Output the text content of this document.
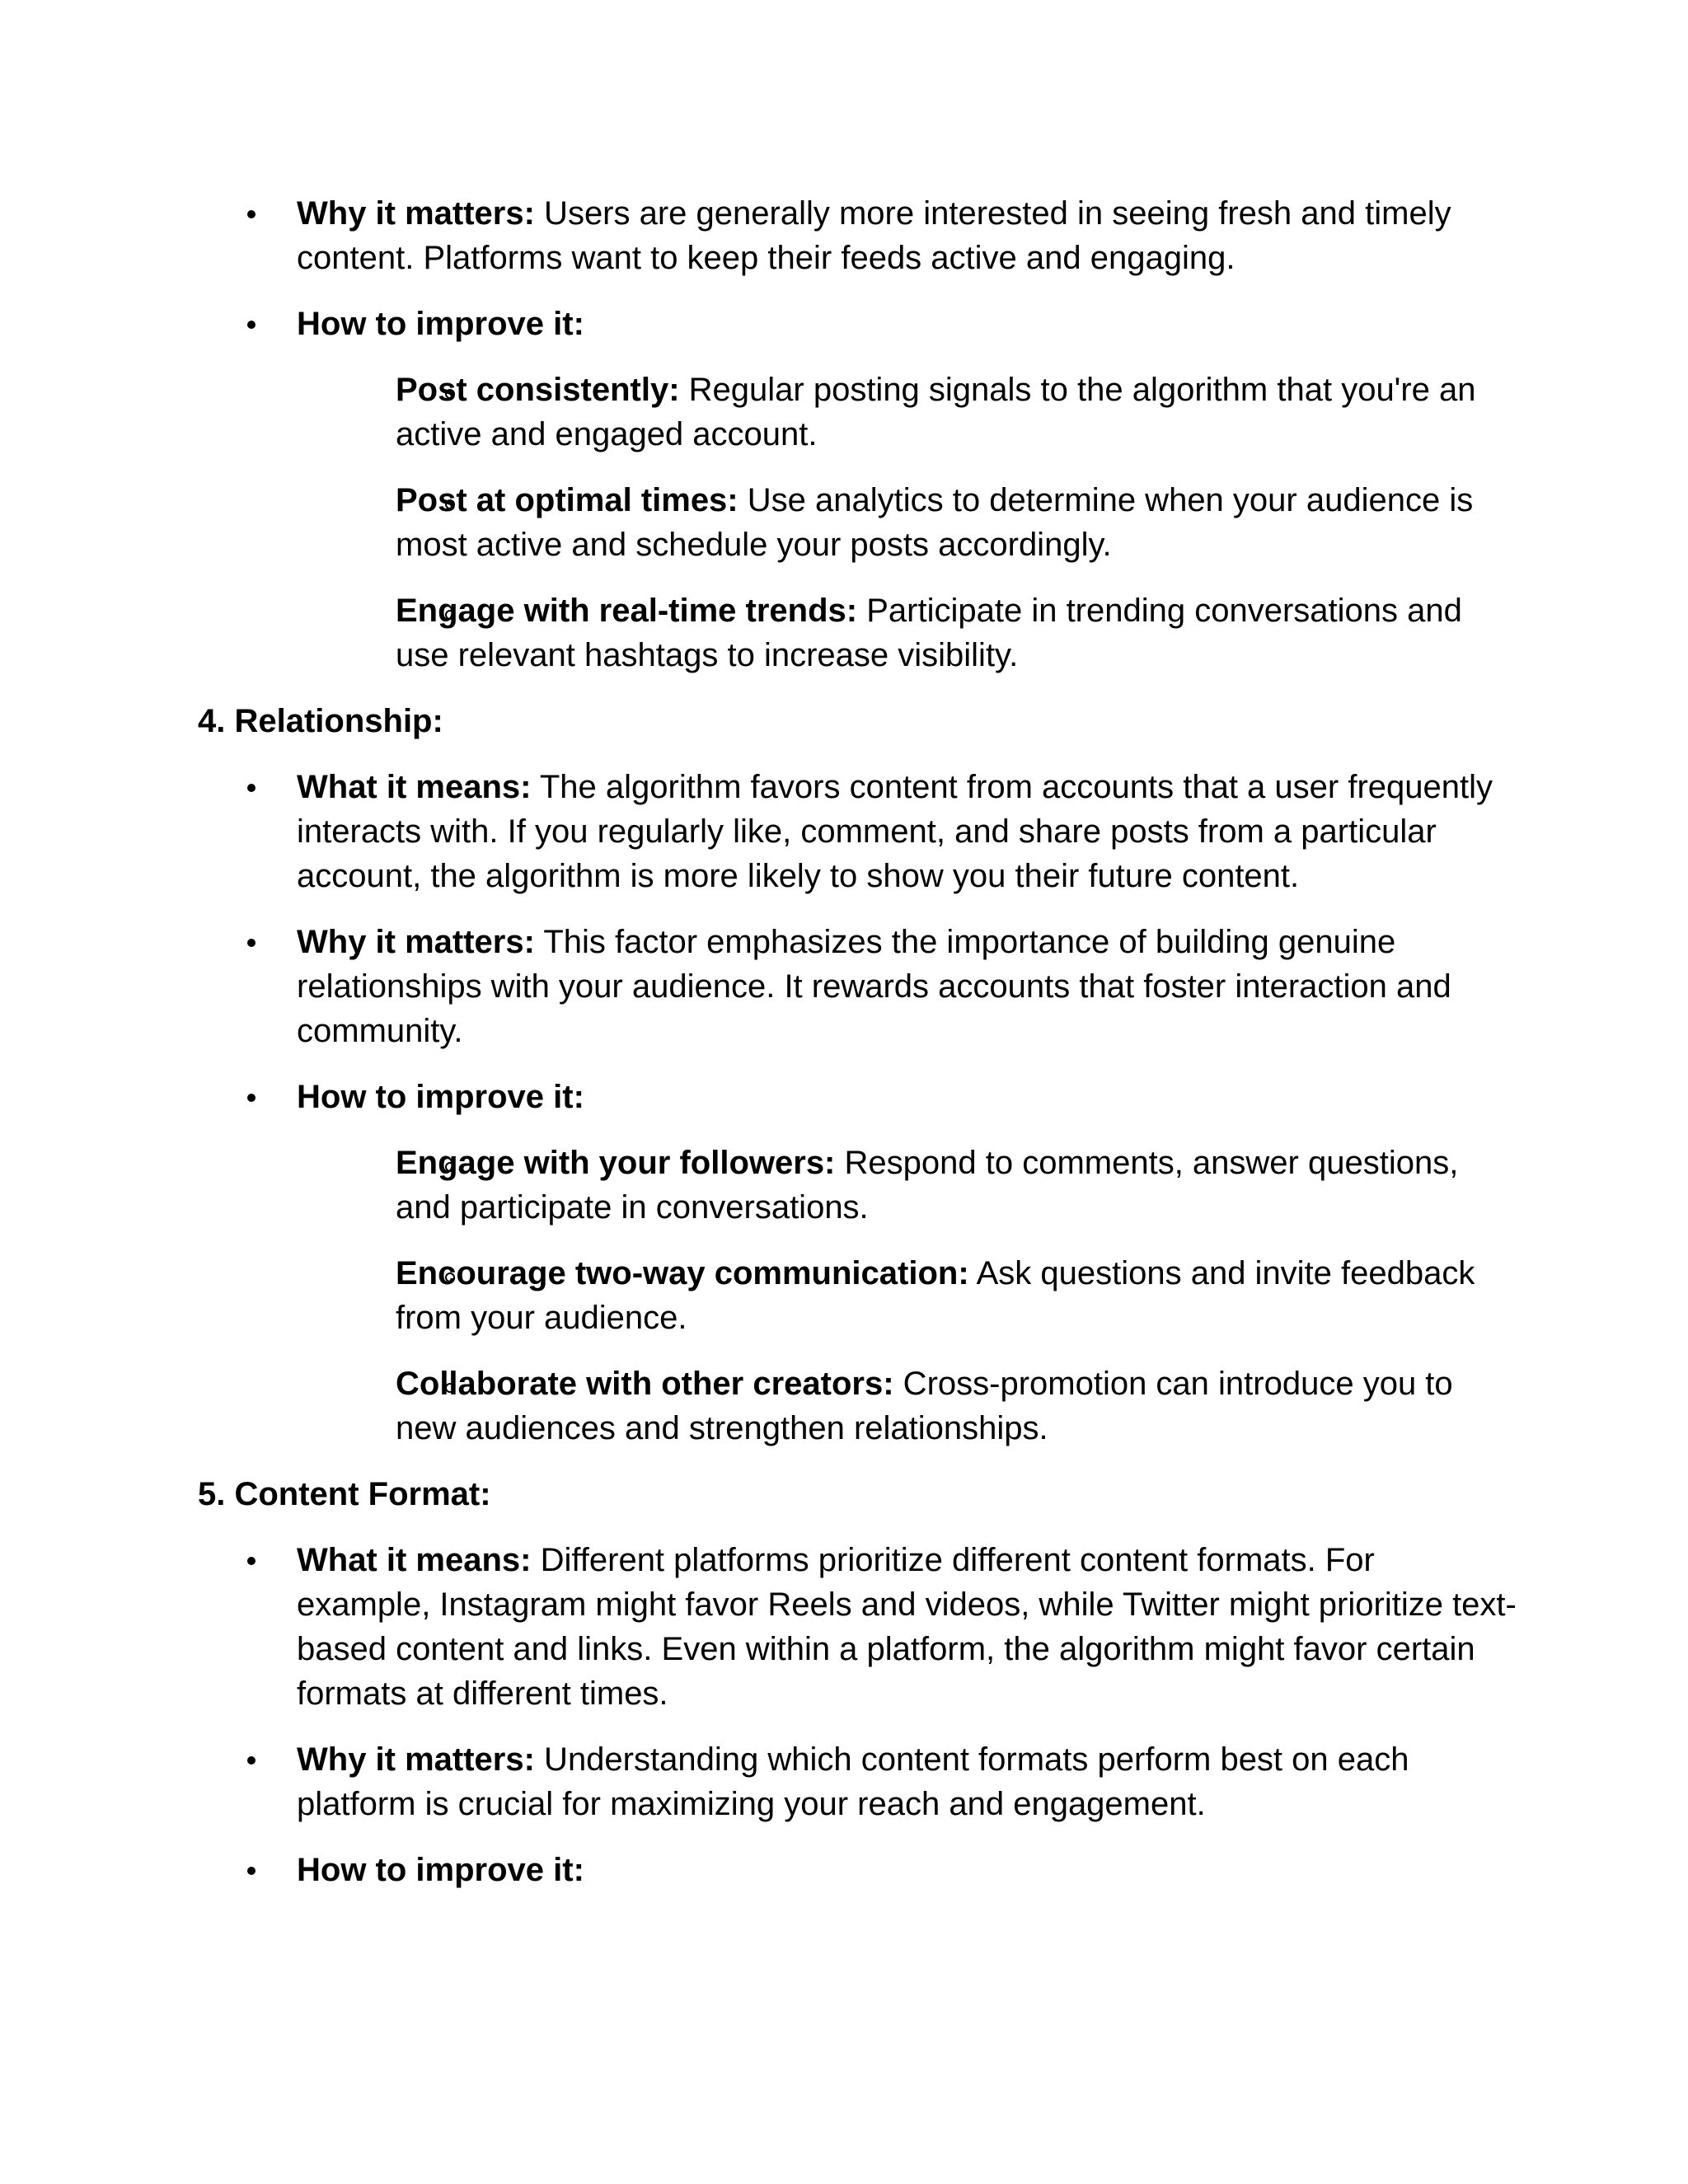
Why it matters: Users are generally more interested in seeing fresh and timely content. Platforms want to keep their feeds active and engaging.
How to improve it:
Post consistently: Regular posting signals to the algorithm that you're an active and engaged account.
Post at optimal times: Use analytics to determine when your audience is most active and schedule your posts accordingly.
Engage with real-time trends: Participate in trending conversations and use relevant hashtags to increase visibility.
4. Relationship:
What it means: The algorithm favors content from accounts that a user frequently interacts with. If you regularly like, comment, and share posts from a particular account, the algorithm is more likely to show you their future content.
Why it matters: This factor emphasizes the importance of building genuine relationships with your audience. It rewards accounts that foster interaction and community.
How to improve it:
Engage with your followers: Respond to comments, answer questions, and participate in conversations.
Encourage two-way communication: Ask questions and invite feedback from your audience.
Collaborate with other creators: Cross-promotion can introduce you to new audiences and strengthen relationships.
5. Content Format:
What it means: Different platforms prioritize different content formats. For example, Instagram might favor Reels and videos, while Twitter might prioritize text-based content and links. Even within a platform, the algorithm might favor certain formats at different times.
Why it matters: Understanding which content formats perform best on each platform is crucial for maximizing your reach and engagement.
How to improve it:
